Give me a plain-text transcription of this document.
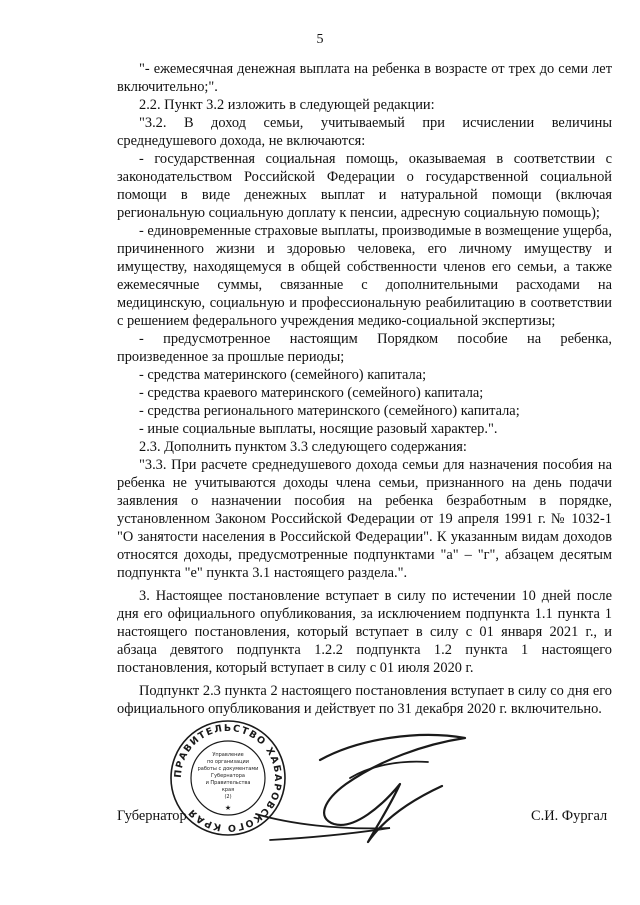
5

"- ежемесячная денежная выплата на ребенка в возрасте от трех до семи лет включительно;".

2.2. Пункт 3.2 изложить в следующей редакции:

"3.2. В доход семьи, учитываемый при исчислении величины среднедушевого дохода, не включаются:

- государственная социальная помощь, оказываемая в соответствии с законодательством Российской Федерации о государственной социальной помощи в виде денежных выплат и натуральной помощи (включая региональную социальную доплату к пенсии, адресную социальную помощь);

- единовременные страховые выплаты, производимые в возмещение ущерба, причиненного жизни и здоровью человека, его личному имуществу и имуществу, находящемуся в общей собственности членов его семьи, а также ежемесячные суммы, связанные с дополнительными расходами на медицинскую, социальную и профессиональную реабилитацию в соответствии с решением федерального учреждения медико-социальной экспертизы;

- предусмотренное настоящим Порядком пособие на ребенка, произведенное за прошлые периоды;

- средства материнского (семейного) капитала;

- средства краевого материнского (семейного) капитала;

- средства регионального материнского (семейного) капитала;

- иные социальные выплаты, носящие разовый характер.".

2.3. Дополнить пунктом 3.3 следующего содержания:

"3.3. При расчете среднедушевого дохода семьи для назначения пособия на ребенка не учитываются доходы члена семьи, признанного на день подачи заявления о назначении пособия на ребенка безработным в порядке, установленном Законом Российской Федерации от 19 апреля 1991 г. № 1032-1 "О занятости населения в Российской Федерации". К указанным видам доходов относятся доходы, предусмотренные подпунктами "а" – "г", абзацем десятым подпункта "е" пункта 3.1 настоящего раздела.".

3. Настоящее постановление вступает в силу по истечении 10 дней после дня его официального опубликования, за исключением подпункта 1.1 пункта 1 настоящего постановления, который вступает в силу с 01 января 2021 г., и абзаца девятого подпункта 1.2.2 подпункта 1.2 пункта 1 настоящего постановления, который вступает в силу с 01 июля 2020 г.

Подпункт 2.3 пункта 2 настоящего постановления вступает в силу со дня его официального опубликования и действует по 31 декабря 2020 г. включительно.

ПРАВИТЕЛЬСТВО ХАБАРОВСКОГО КРАЯ
Управление
по организации
работы с документами
Губернатора
и Правительства
края
(2)
★
Губернатор	С.И. Фургал
